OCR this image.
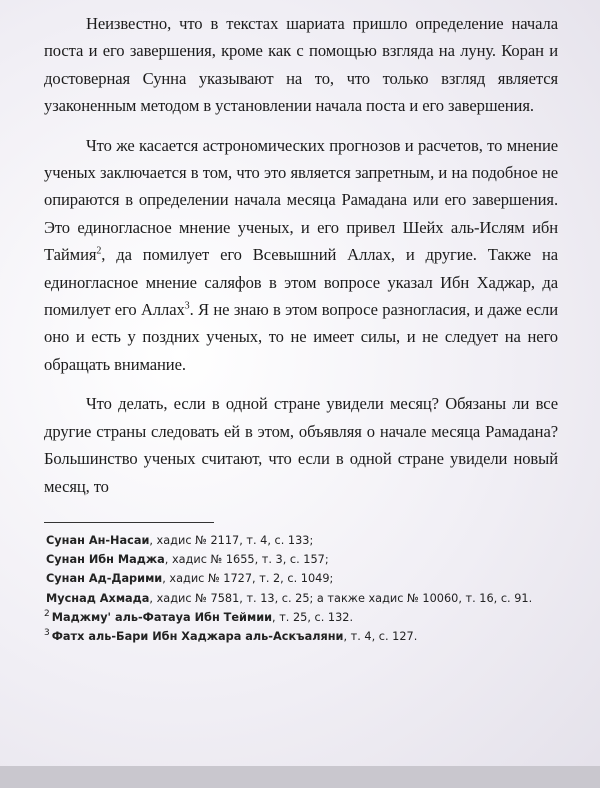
Неизвестно, что в текстах шариата пришло определение начала поста и его завершения, кроме как с помощью взгляда на луну. Коран и достоверная Сунна указывают на то, что только взгляд является узаконенным методом в установлении начала поста и его завершения.

Что же касается астрономических прогнозов и расчетов, то мнение ученых заключается в том, что это является запретным, и на подобное не опираются в определении начала месяца Рамадана или его завершения. Это единогласное мнение ученых, и его привел Шейх аль-Ислям ибн Таймия$^2$, да помилует его Всевышний Аллах, и другие. Также на единогласное мнение саляфов в этом вопросе указал Ибн Хаджар, да помилует его Аллах$^3$. Я не знаю в этом вопросе разногласия, и даже если оно и есть у поздних ученых, то не имеет силы, и не следует на него обращать внимание.

Что делать, если в одной стране увидели месяц? Обязаны ли все другие страны следовать ей в этом, объявляя о начале месяца Рамадана? Большинство ученых считают, что если в одной стране увидели новый месяц, то

Сунан Ан-Насаи, хадис № 2117, т. 4, с. 133;

Сунан Ибн Маджа, хадис № 1655, т. 3, с. 157;

Сунан Ад-Дарими, хадис № 1727, т. 2, с. 1049;

Муснад Ахмада, хадис № 7581, т. 13, с. 25; а также хадис № 10060, т. 16, с. 91.

$^2$ Маджму' аль-Фатауа Ибн Теймии, т. 25, с. 132.

$^3$ Фатх аль-Бари Ибн Хаджара аль-Аскъаляни, т. 4, с. 127.
